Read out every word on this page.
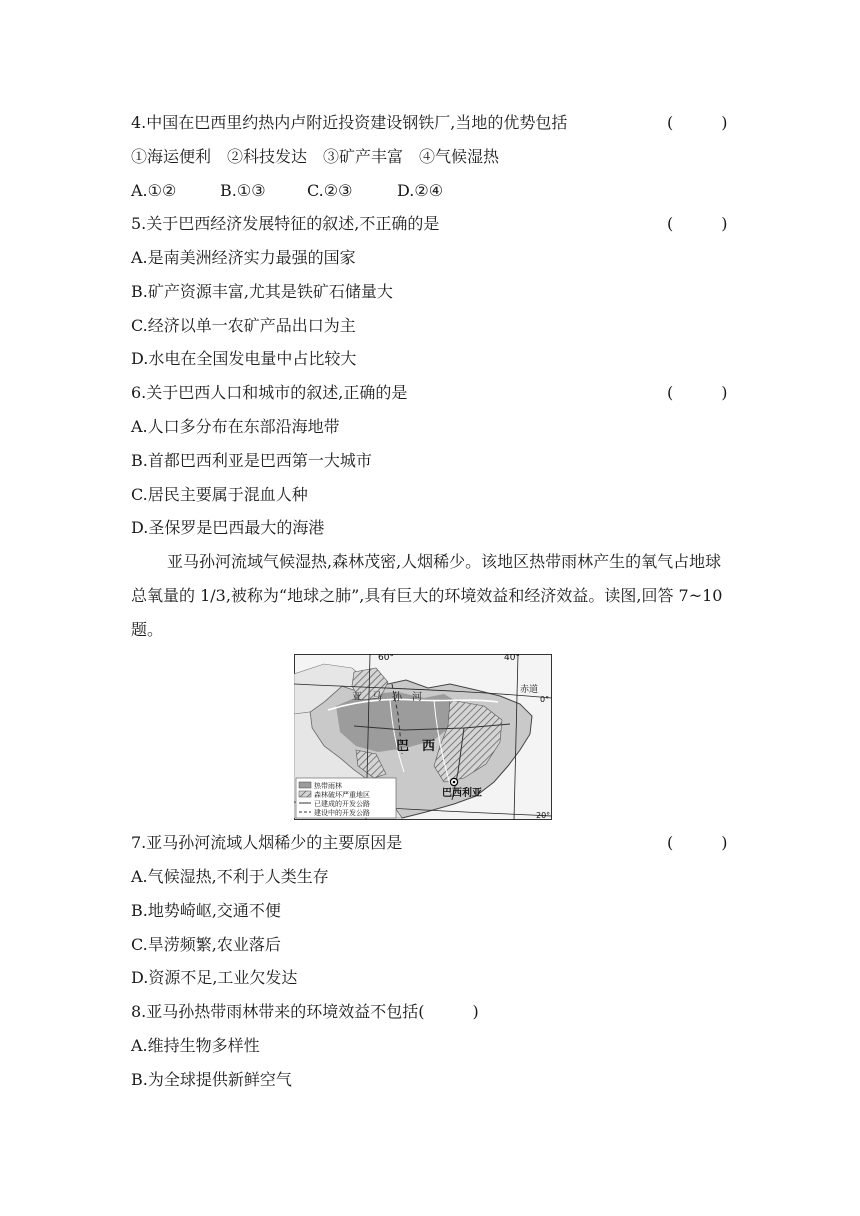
4.中国在巴西里约热内卢附近投资建设钢铁厂,当地的优势包括	(　　　)
①海运便利　②科技发达　③矿产丰富　④气候湿热
A.①②	B.①③	C.②③	D.②④
5.关于巴西经济发展特征的叙述,不正确的是	(　　　)
A.是南美洲经济实力最强的国家
B.矿产资源丰富,尤其是铁矿石储量大
C.经济以单一农矿产品出口为主
D.水电在全国发电量中占比较大
6.关于巴西人口和城市的叙述,正确的是	(　　　)
A.人口多分布在东部沿海地带
B.首都巴西利亚是巴西第一大城市
C.居民主要属于混血人种
D.圣保罗是巴西最大的海港
亚马孙河流域气候湿热,森林茂密,人烟稀少。该地区热带雨林产生的氧气占地球总氧量的 1/3,被称为“地球之肺”,具有巨大的环境效益和经济效益。读图,回答 7~10 题。
60°	40°
赤道
0°
20°
亚　马　孙　河
巴 西
巴西利亚
热带雨林
森林破坏严重地区
已建成的开发公路
建设中的开发公路
7.亚马孙河流域人烟稀少的主要原因是	(　　　)
A.气候湿热,不利于人类生存
B.地势崎岖,交通不便
C.旱涝频繁,农业落后
D.资源不足,工业欠发达
8.亚马孙热带雨林带来的环境效益不包括(　　　)
A.维持生物多样性
B.为全球提供新鲜空气
